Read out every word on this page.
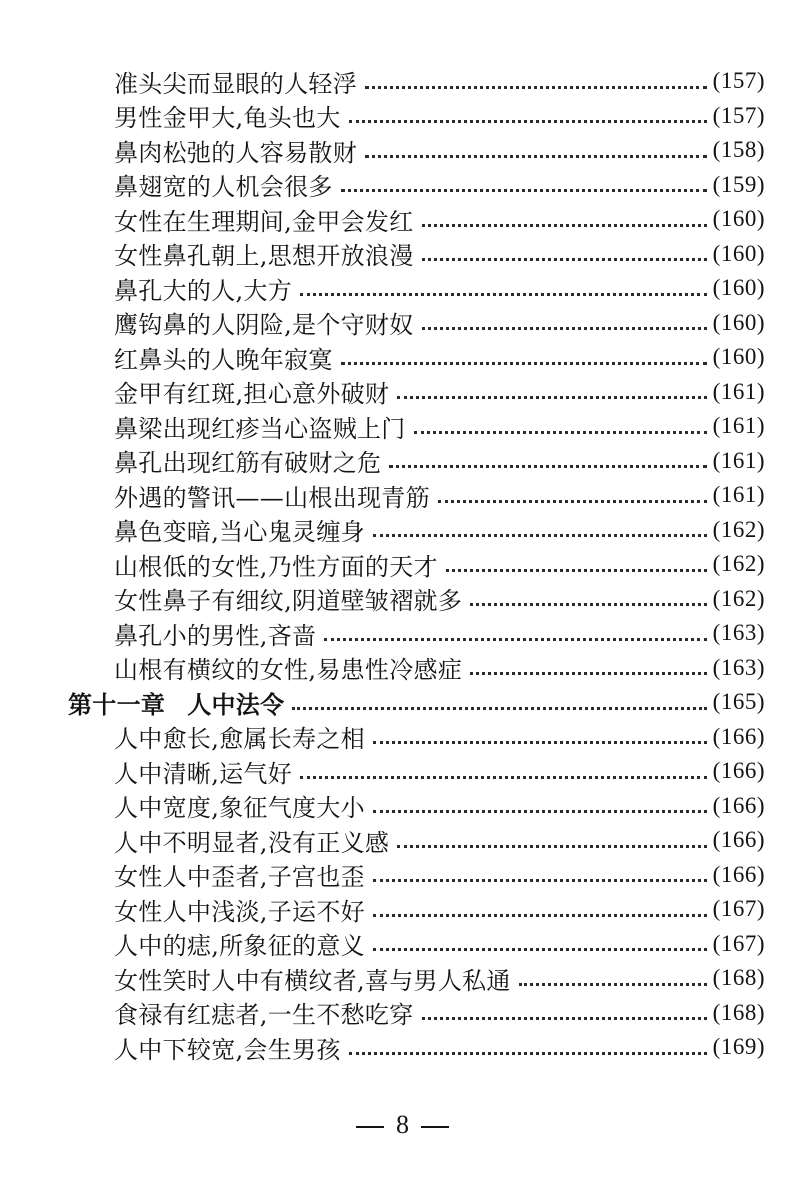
准头尖而显眼的人轻浮	(157)
男性金甲大,龟头也大	(157)
鼻肉松弛的人容易散财	(158)
鼻翅宽的人机会很多	(159)
女性在生理期间,金甲会发红	(160)
女性鼻孔朝上,思想开放浪漫	(160)
鼻孔大的人,大方	(160)
鹰钩鼻的人阴险,是个守财奴	(160)
红鼻头的人晚年寂寞	(160)
金甲有红斑,担心意外破财	(161)
鼻梁出现红疹当心盗贼上门	(161)
鼻孔出现红筋有破财之危	(161)
外遇的警讯——山根出现青筋	(161)
鼻色变暗,当心鬼灵缠身	(162)
山根低的女性,乃性方面的天才	(162)
女性鼻子有细纹,阴道壁皱褶就多	(162)
鼻孔小的男性,吝啬	(163)
山根有横纹的女性,易患性冷感症	(163)
第十一章 人中法令	(165)
人中愈长,愈属长寿之相	(166)
人中清晰,运气好	(166)
人中宽度,象征气度大小	(166)
人中不明显者,没有正义感	(166)
女性人中歪者,子宫也歪	(166)
女性人中浅淡,子运不好	(167)
人中的痣,所象征的意义	(167)
女性笑时人中有横纹者,喜与男人私通	(168)
食禄有红痣者,一生不愁吃穿	(168)
人中下较宽,会生男孩	(169)
8
